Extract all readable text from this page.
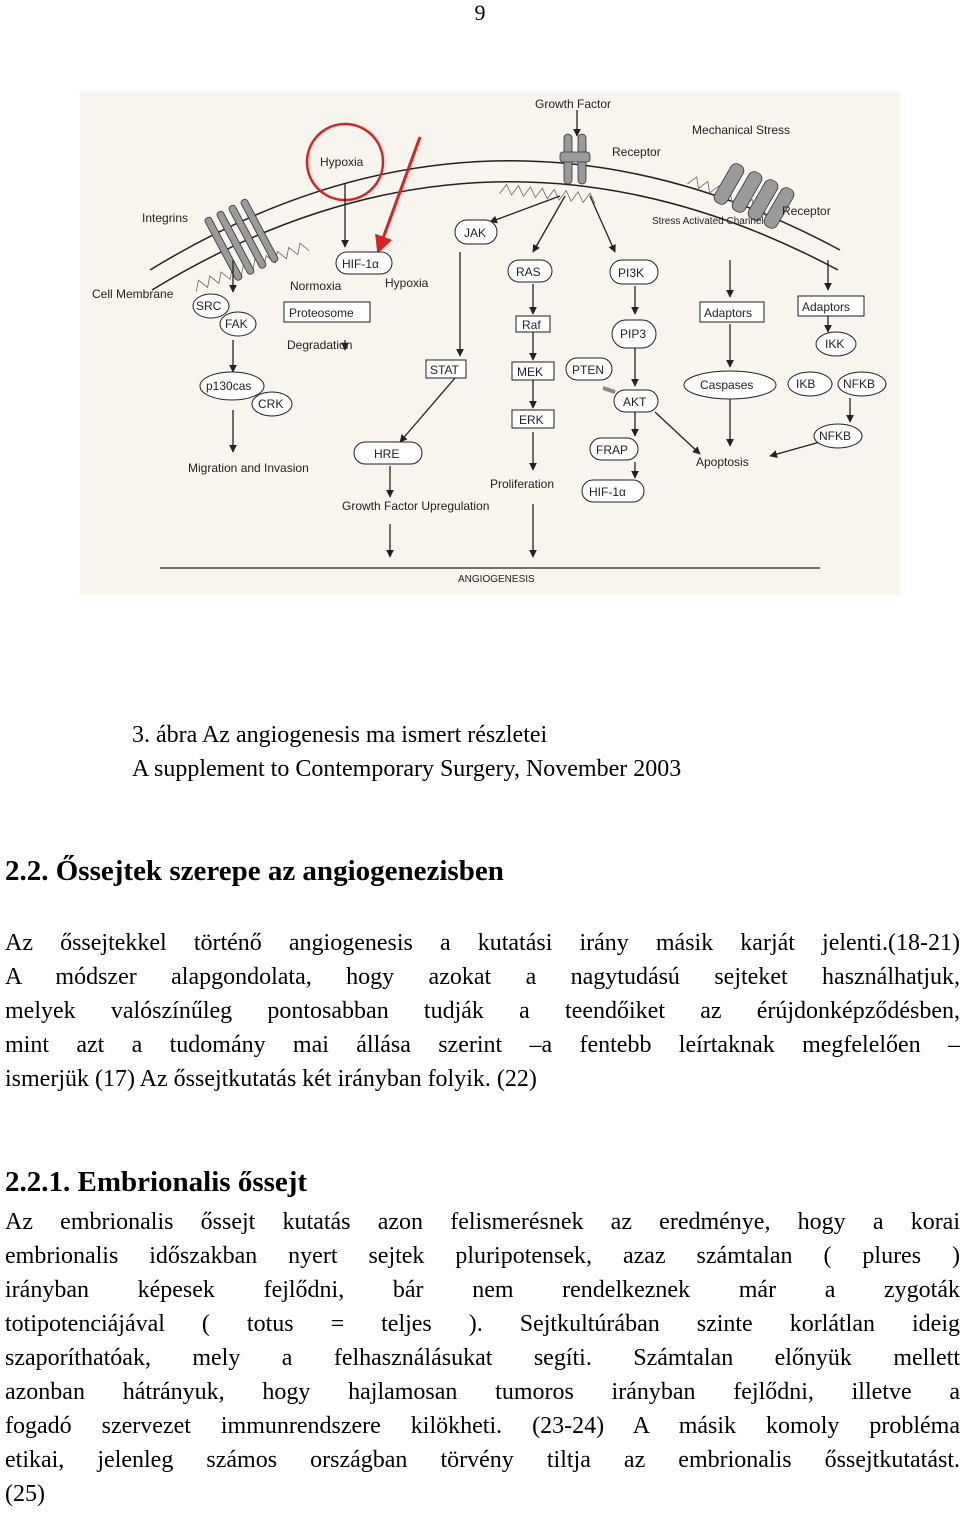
9
Growth Factor
Mechanical Stress
Receptor
Receptor
Hypoxia
Integrins
Cell Membrane
JAK
Stress Activated Channel
HIF-1α
Normoxia	Hypoxia
Proteosome
Degradation
RAS
Raf
MEK
ERK
PI3K
PIP3
PTEN
AKT
FRAP
HIF-1α
SRC
FAK
p130cas
CRK
STAT
HRE
Adaptors	Adaptors
IKK
Caspases	IKB NFKB
NFKB
Apoptosis
Proliferation
Migration and Invasion
Growth Factor Upregulation
ANGIOGENESIS
3. ábra Az angiogenesis ma ismert részletei
A supplement to Contemporary Surgery, November 2003
2.2. Őssejtek szerepe az angiogenezisben
Az őssejtekkel történő angiogenesis a kutatási irány másik karját jelenti.(18-21)
A módszer alapgondolata, hogy azokat a nagytudású sejteket használhatjuk,
melyek valószínűleg pontosabban tudják a teendőiket az érújdonképződésben,
mint azt a tudomány mai állása szerint –a fentebb leírtaknak megfelelően –
ismerjük (17) Az őssejtkutatás két irányban folyik. (22)
2.2.1. Embrionalis őssejt
Az embrionalis őssejt kutatás azon felismerésnek az eredménye, hogy a korai
embrionalis időszakban nyert sejtek pluripotensek, azaz számtalan ( plures )
irányban képesek fejlődni, bár nem rendelkeznek már a zygoták
totipotenciájával ( totus = teljes ). Sejtkultúrában szinte korlátlan ideig
szaporíthatóak, mely a felhasználásukat segíti. Számtalan előnyük mellett
azonban hátrányuk, hogy hajlamosan tumoros irányban fejlődni, illetve a
fogadó szervezet immunrendszere kilökheti. (23-24) A másik komoly probléma
etikai, jelenleg számos országban törvény tiltja az embrionalis őssejtkutatást.
(25)
